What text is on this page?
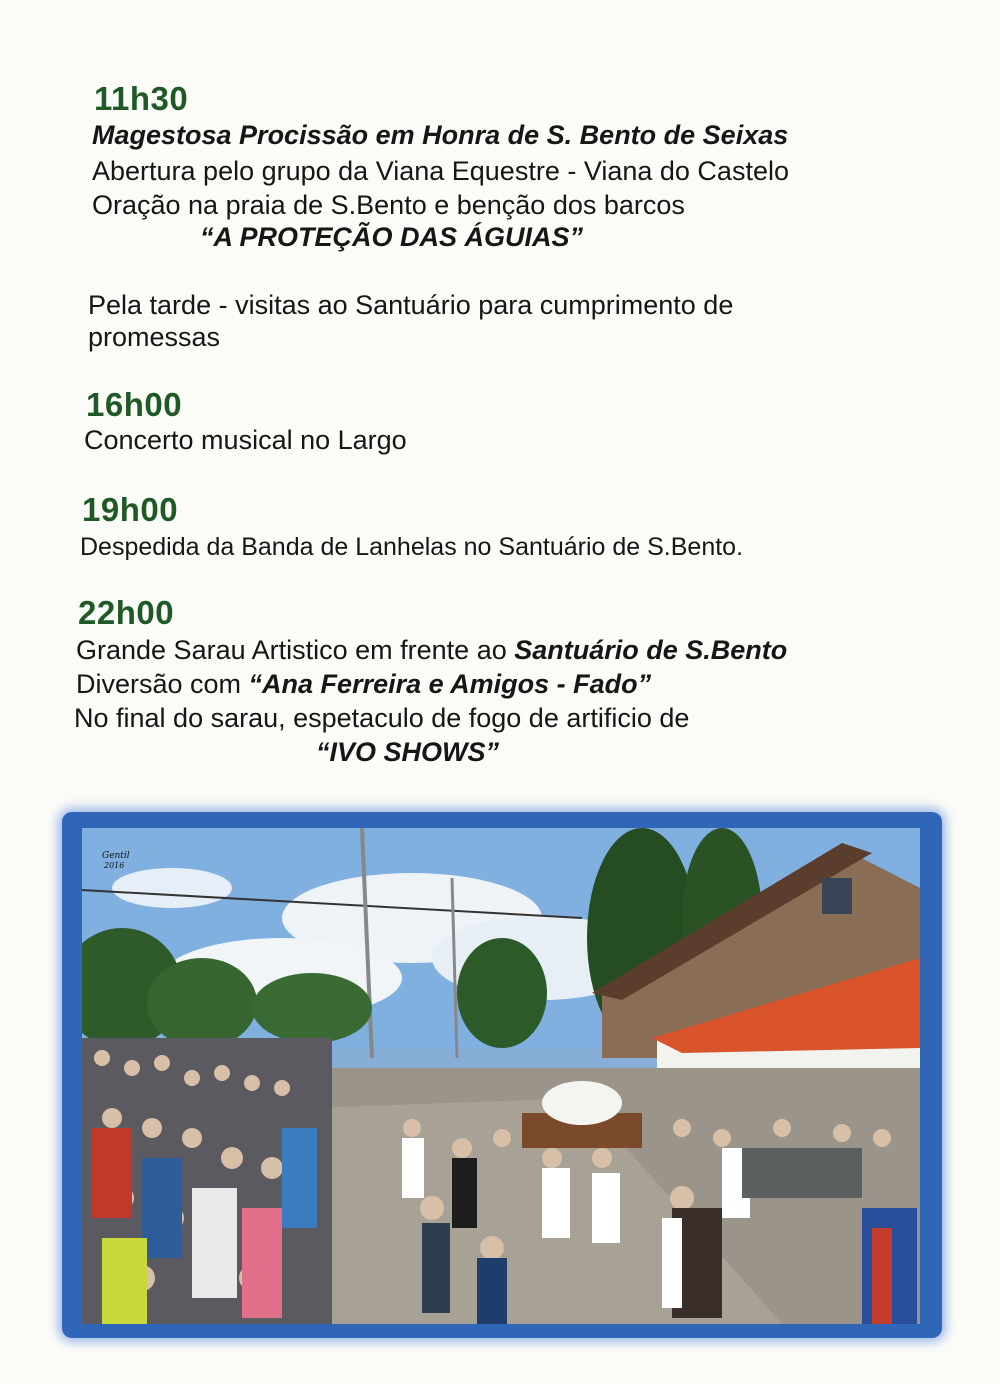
11h30
Magestosa Procissão em Honra de S. Bento de Seixas
Abertura pelo grupo da Viana Equestre - Viana do Castelo
Oração na praia de S.Bento e benção dos barcos
“A PROTEÇÃO DAS ÁGUIAS”
Pela tarde - visitas ao Santuário para cumprimento de
promessas
16h00
Concerto musical no Largo
19h00
Despedida da Banda de Lanhelas no Santuário de S.Bento.
22h00
Grande Sarau Artistico em frente ao Santuário de S.Bento
Diversão com “Ana Ferreira e Amigos - Fado”
No final do sarau, espetaculo de fogo de artificio de
“IVO SHOWS”
Gentil
2016
